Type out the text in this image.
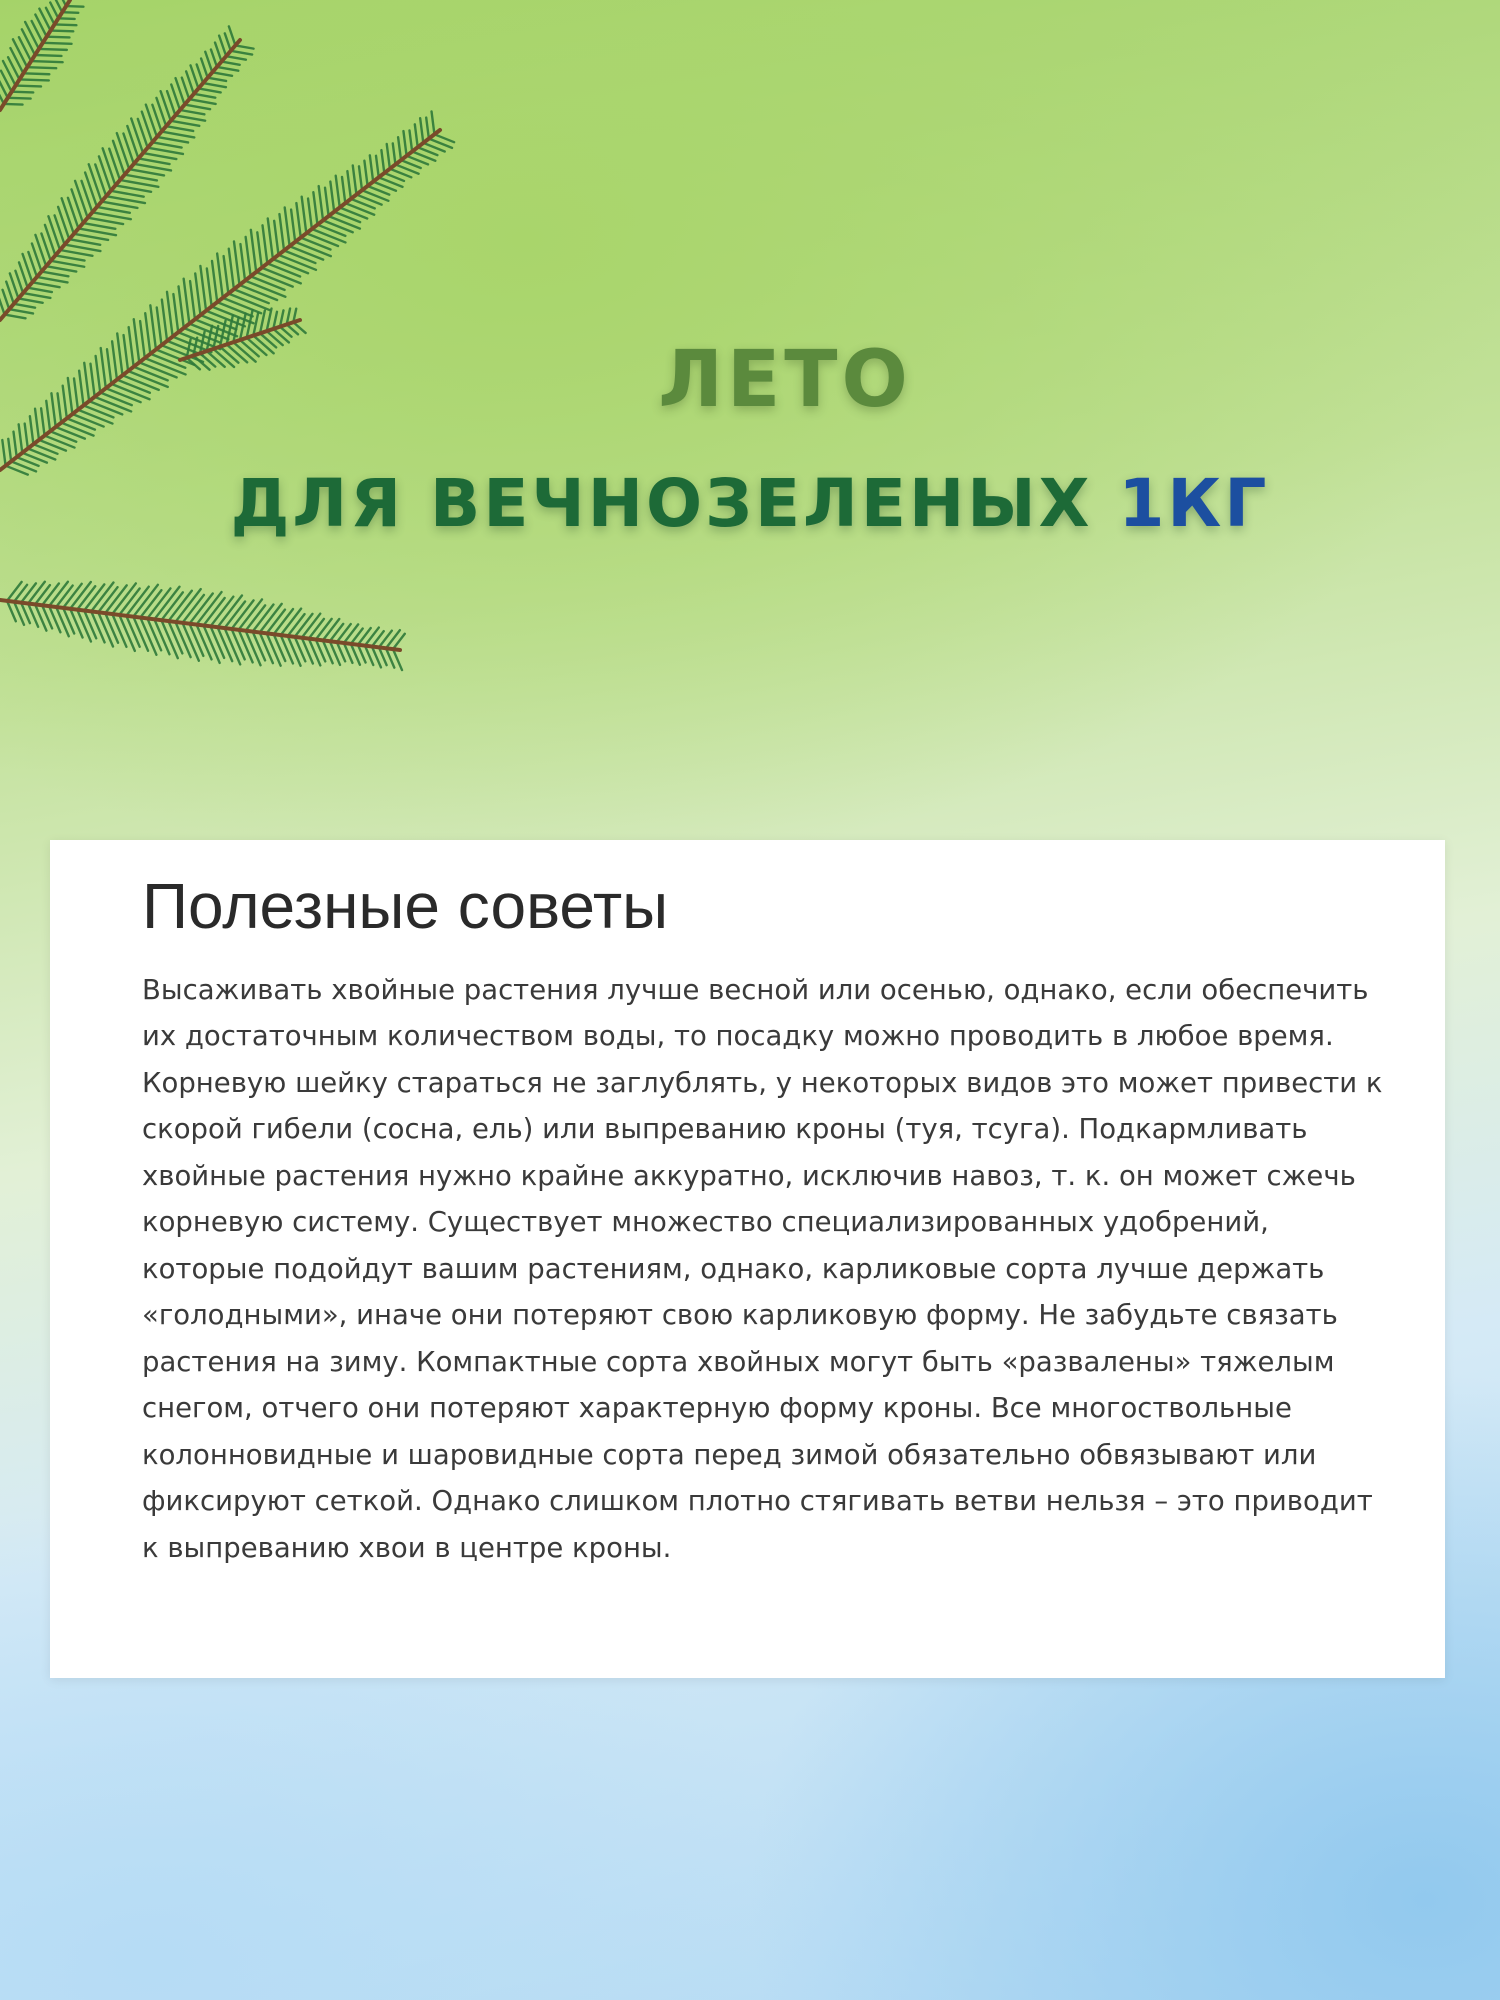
ЛЕТО
ДЛЯ ВЕЧНОЗЕЛЕНЫХ 1КГ
Полезные советы

Высаживать хвойные растения лучше весной или осенью, однако, если обеспечить их достаточным количеством воды, то посадку можно проводить в любое время. Корневую шейку стараться не заглублять, у некоторых видов это может привести к скорой гибели (сосна, ель) или выпреванию кроны (туя, тсуга). Подкармливать хвойные растения нужно крайне аккуратно, исключив навоз, т. к. он может сжечь корневую систему. Существует множество специализированных удобрений, которые подойдут вашим растениям, однако, карликовые сорта лучше держать «голодными», иначе они потеряют свою карликовую форму. Не забудьте связать растения на зиму. Компактные сорта хвойных могут быть «развалены» тяжелым снегом, отчего они потеряют характерную форму кроны. Все многоствольные колонновидные и шаровидные сорта перед зимой обязательно обвязывают или фиксируют сеткой. Однако слишком плотно стягивать ветви нельзя – это приводит к выпреванию хвои в центре кроны.
